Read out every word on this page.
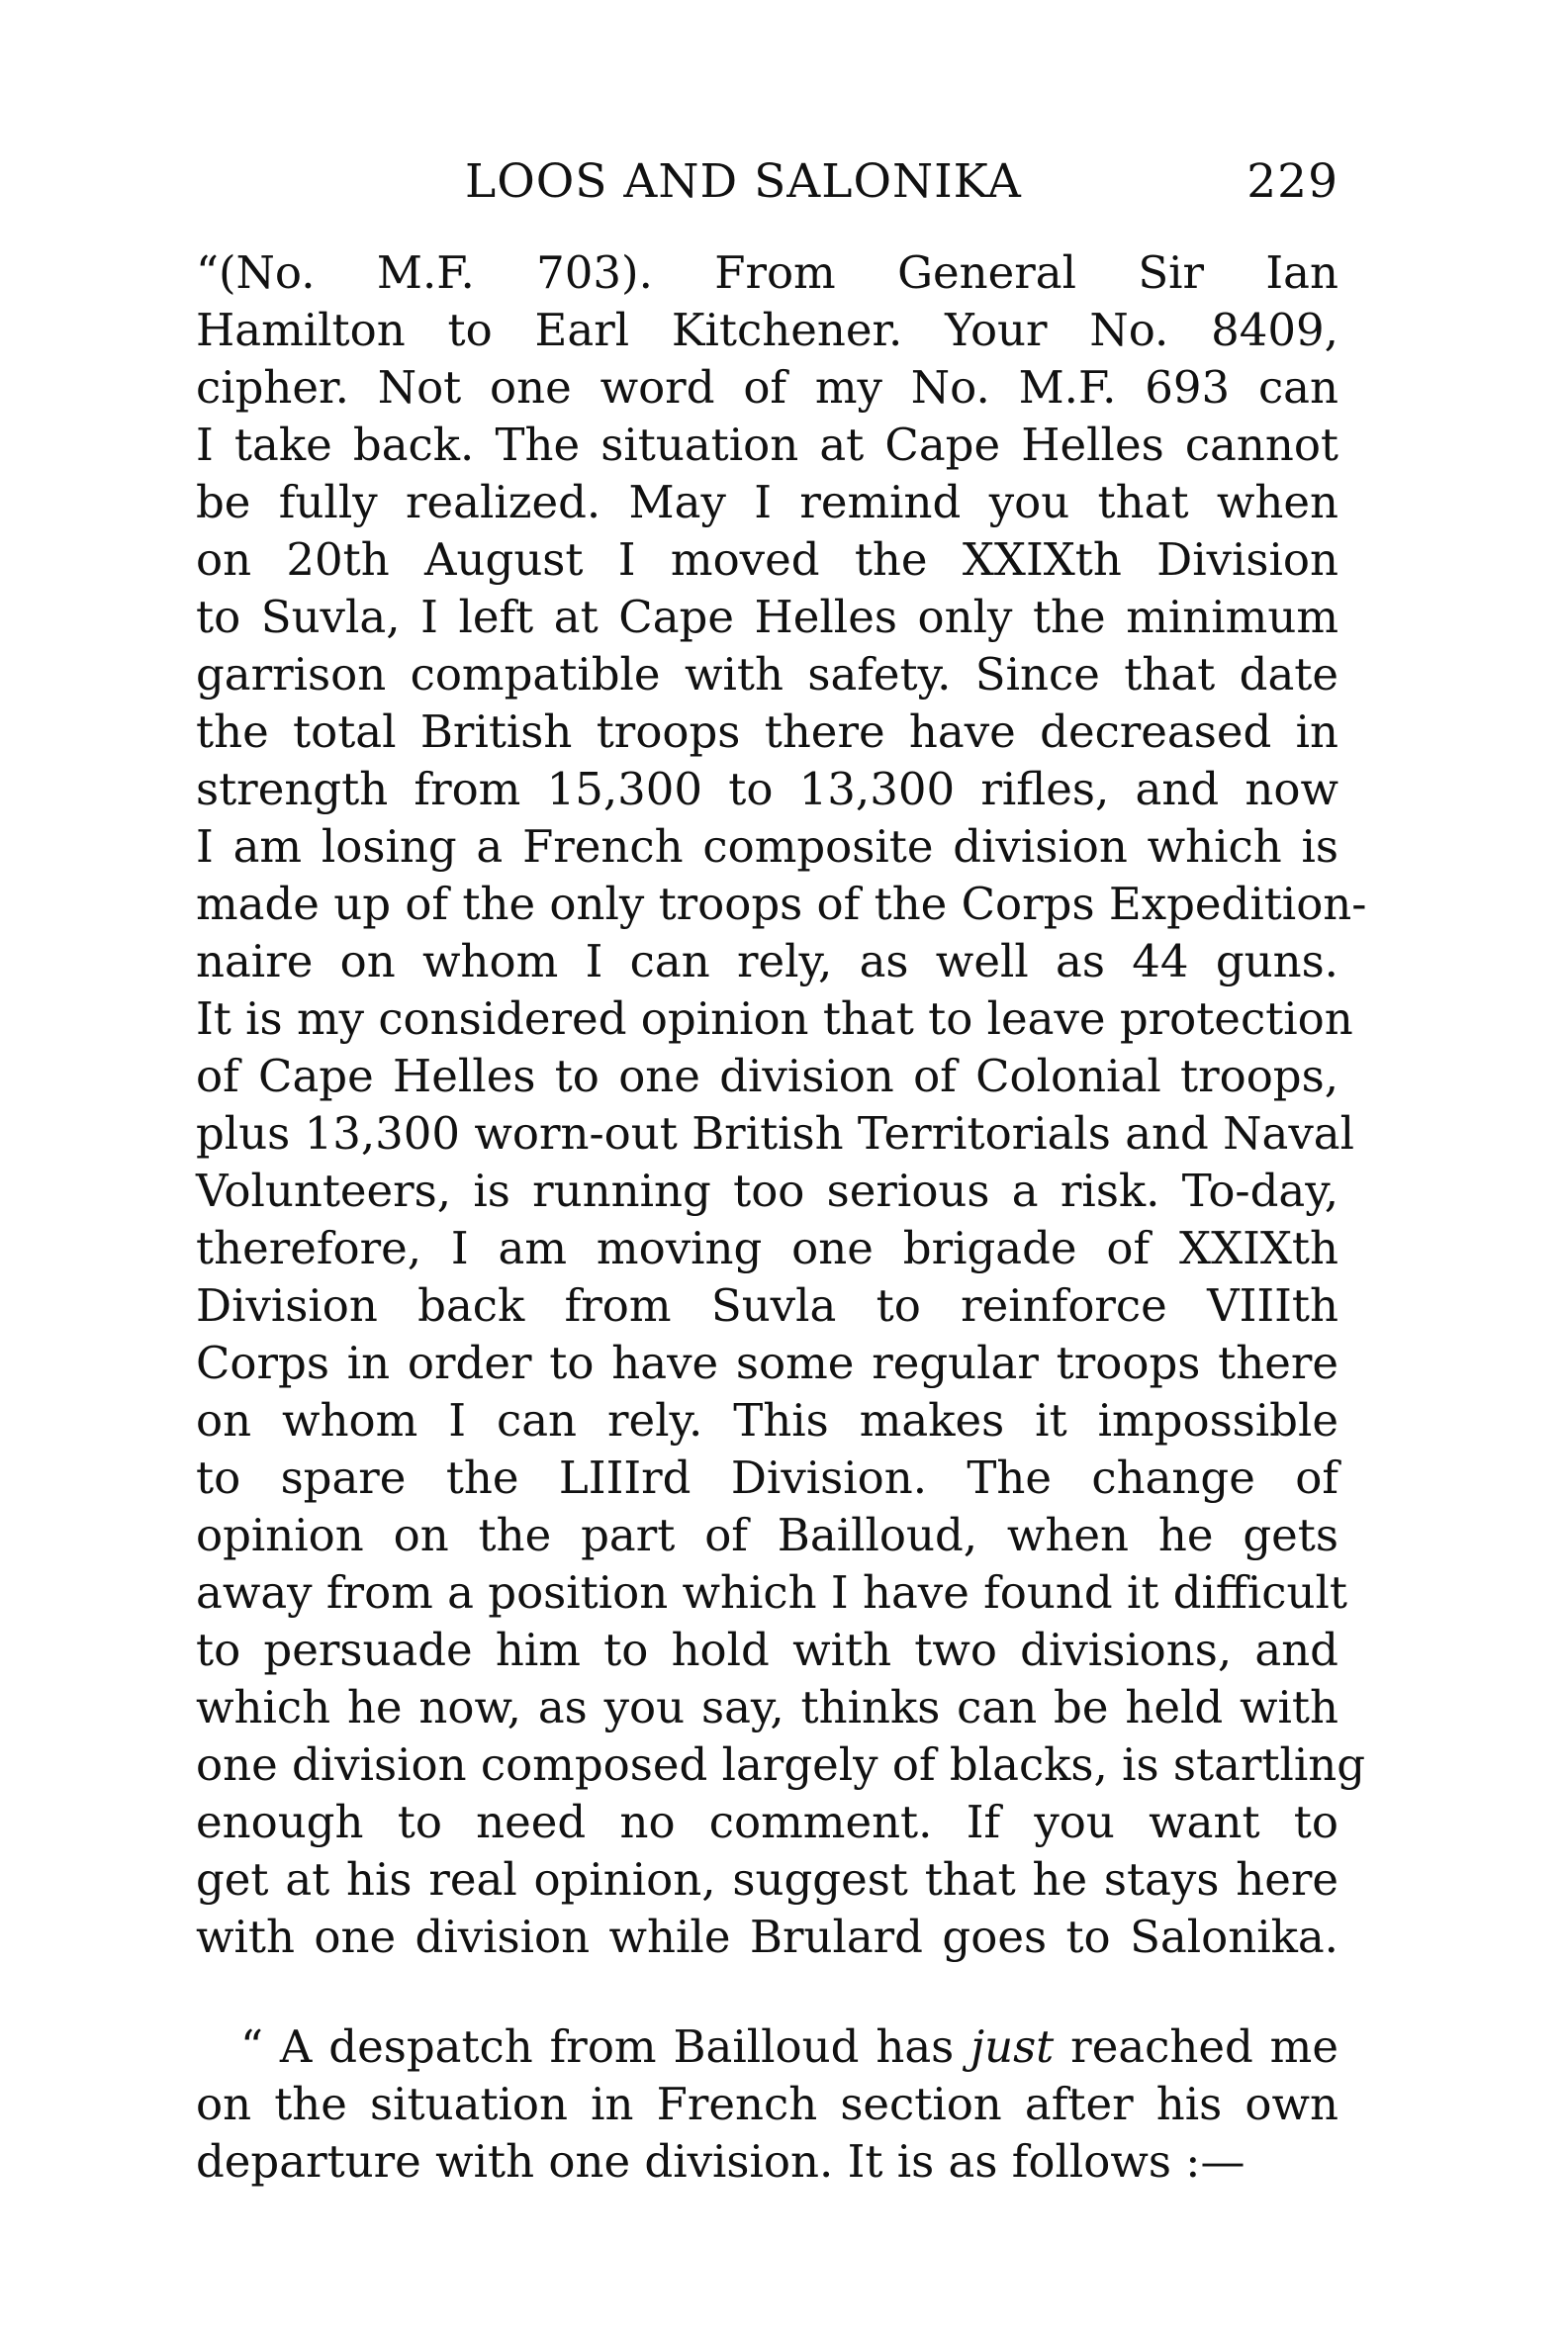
LOOS AND SALONIKA	229
“(No. M.F. 703). From General Sir Ian
Hamilton to Earl Kitchener. Your No. 8409,
cipher. Not one word of my No. M.F. 693 can
I take back. The situation at Cape Helles cannot
be fully realized. May I remind you that when
on 20th August I moved the XXIXth Division
to Suvla, I left at Cape Helles only the minimum
garrison compatible with safety. Since that date
the total British troops there have decreased in
strength from 15,300 to 13,300 rifles, and now
I am losing a French composite division which is
made up of the only troops of the Corps Expedition-
naire on whom I can rely, as well as 44 guns.
It is my considered opinion that to leave protection
of Cape Helles to one division of Colonial troops,
plus 13,300 worn-out British Territorials and Naval
Volunteers, is running too serious a risk. To-day,
therefore, I am moving one brigade of XXIXth
Division back from Suvla to reinforce VIIIth
Corps in order to have some regular troops there
on whom I can rely. This makes it impossible
to spare the LIIIrd Division. The change of
opinion on the part of Bailloud, when he gets
away from a position which I have found it difficult
to persuade him to hold with two divisions, and
which he now, as you say, thinks can be held with
one division composed largely of blacks, is startling
enough to need no comment. If you want to
get at his real opinion, suggest that he stays here
with one division while Brulard goes to Salonika.
“ A despatch from Bailloud has just reached me
on the situation in French section after his own
departure with one division. It is as follows :—
